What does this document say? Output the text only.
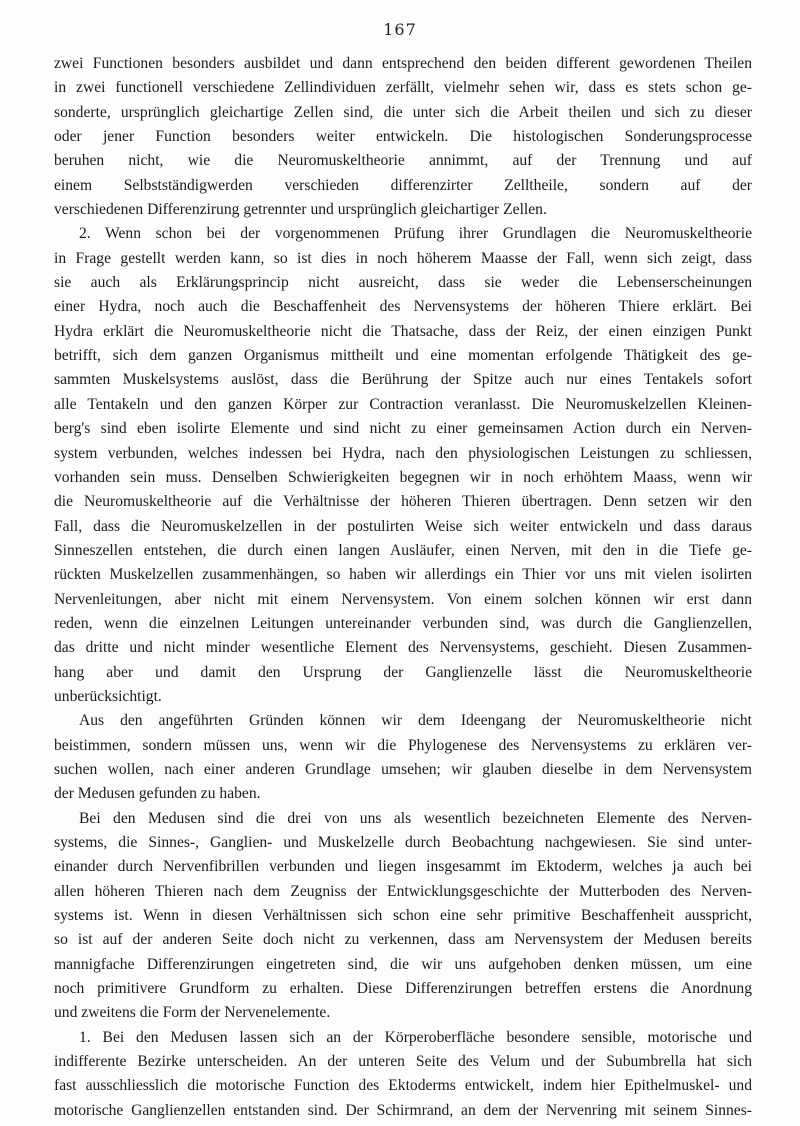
167
zwei Functionen besonders ausbildet und dann entsprechend den beiden different gewordenen Theilen
in zwei functionell verschiedene Zellindividuen zerfällt, vielmehr sehen wir, dass es stets schon ge-
sonderte, ursprünglich gleichartige Zellen sind, die unter sich die Arbeit theilen und sich zu dieser
oder jener Function besonders weiter entwickeln. Die histologischen Sonderungsprocesse
beruhen nicht, wie die Neuromuskeltheorie annimmt, auf der Trennung und auf
einem Selbstständigwerden verschieden differenzirter Zelltheile, sondern auf der
verschiedenen Differenzirung getrennter und ursprünglich gleichartiger Zellen.
2. Wenn schon bei der vorgenommenen Prüfung ihrer Grundlagen die Neuromuskeltheorie
in Frage gestellt werden kann, so ist dies in noch höherem Maasse der Fall, wenn sich zeigt, dass
sie auch als Erklärungsprincip nicht ausreicht, dass sie weder die Lebenserscheinungen
einer Hydra, noch auch die Beschaffenheit des Nervensystems der höheren Thiere erklärt. Bei
Hydra erklärt die Neuromuskeltheorie nicht die Thatsache, dass der Reiz, der einen einzigen Punkt
betrifft, sich dem ganzen Organismus mittheilt und eine momentan erfolgende Thätigkeit des ge-
sammten Muskelsystems auslöst, dass die Berührung der Spitze auch nur eines Tentakels sofort
alle Tentakeln und den ganzen Körper zur Contraction veranlasst. Die Neuromuskelzellen Kleinen-
berg's sind eben isolirte Elemente und sind nicht zu einer gemeinsamen Action durch ein Nerven-
system verbunden, welches indessen bei Hydra, nach den physiologischen Leistungen zu schliessen,
vorhanden sein muss. Denselben Schwierigkeiten begegnen wir in noch erhöhtem Maass, wenn wir
die Neuromuskeltheorie auf die Verhältnisse der höheren Thieren übertragen. Denn setzen wir den
Fall, dass die Neuromuskelzellen in der postulirten Weise sich weiter entwickeln und dass daraus
Sinneszellen entstehen, die durch einen langen Ausläufer, einen Nerven, mit den in die Tiefe ge-
rückten Muskelzellen zusammenhängen, so haben wir allerdings ein Thier vor uns mit vielen isolirten
Nervenleitungen, aber nicht mit einem Nervensystem. Von einem solchen können wir erst dann
reden, wenn die einzelnen Leitungen untereinander verbunden sind, was durch die Ganglienzellen,
das dritte und nicht minder wesentliche Element des Nervensystems, geschieht. Diesen Zusammen-
hang aber und damit den Ursprung der Ganglienzelle lässt die Neuromuskeltheorie
unberücksichtigt.
Aus den angeführten Gründen können wir dem Ideengang der Neuromuskeltheorie nicht
beistimmen, sondern müssen uns, wenn wir die Phylogenese des Nervensystems zu erklären ver-
suchen wollen, nach einer anderen Grundlage umsehen; wir glauben dieselbe in dem Nervensystem
der Medusen gefunden zu haben.
Bei den Medusen sind die drei von uns als wesentlich bezeichneten Elemente des Nerven-
systems, die Sinnes-, Ganglien- und Muskelzelle durch Beobachtung nachgewiesen. Sie sind unter-
einander durch Nervenfibrillen verbunden und liegen insgesammt im Ektoderm, welches ja auch bei
allen höheren Thieren nach dem Zeugniss der Entwicklungsgeschichte der Mutterboden des Nerven-
systems ist. Wenn in diesen Verhältnissen sich schon eine sehr primitive Beschaffenheit ausspricht,
so ist auf der anderen Seite doch nicht zu verkennen, dass am Nervensystem der Medusen bereits
mannigfache Differenzirungen eingetreten sind, die wir uns aufgehoben denken müssen, um eine
noch primitivere Grundform zu erhalten. Diese Differenzirungen betreffen erstens die Anordnung
und zweitens die Form der Nervenelemente.
1. Bei den Medusen lassen sich an der Körperoberfläche besondere sensible, motorische und
indifferente Bezirke unterscheiden. An der unteren Seite des Velum und der Subumbrella hat sich
fast ausschliesslich die motorische Function des Ektoderms entwickelt, indem hier Epithelmuskel- und
motorische Ganglienzellen entstanden sind. Der Schirmrand, an dem der Nervenring mit seinem Sinnes-
